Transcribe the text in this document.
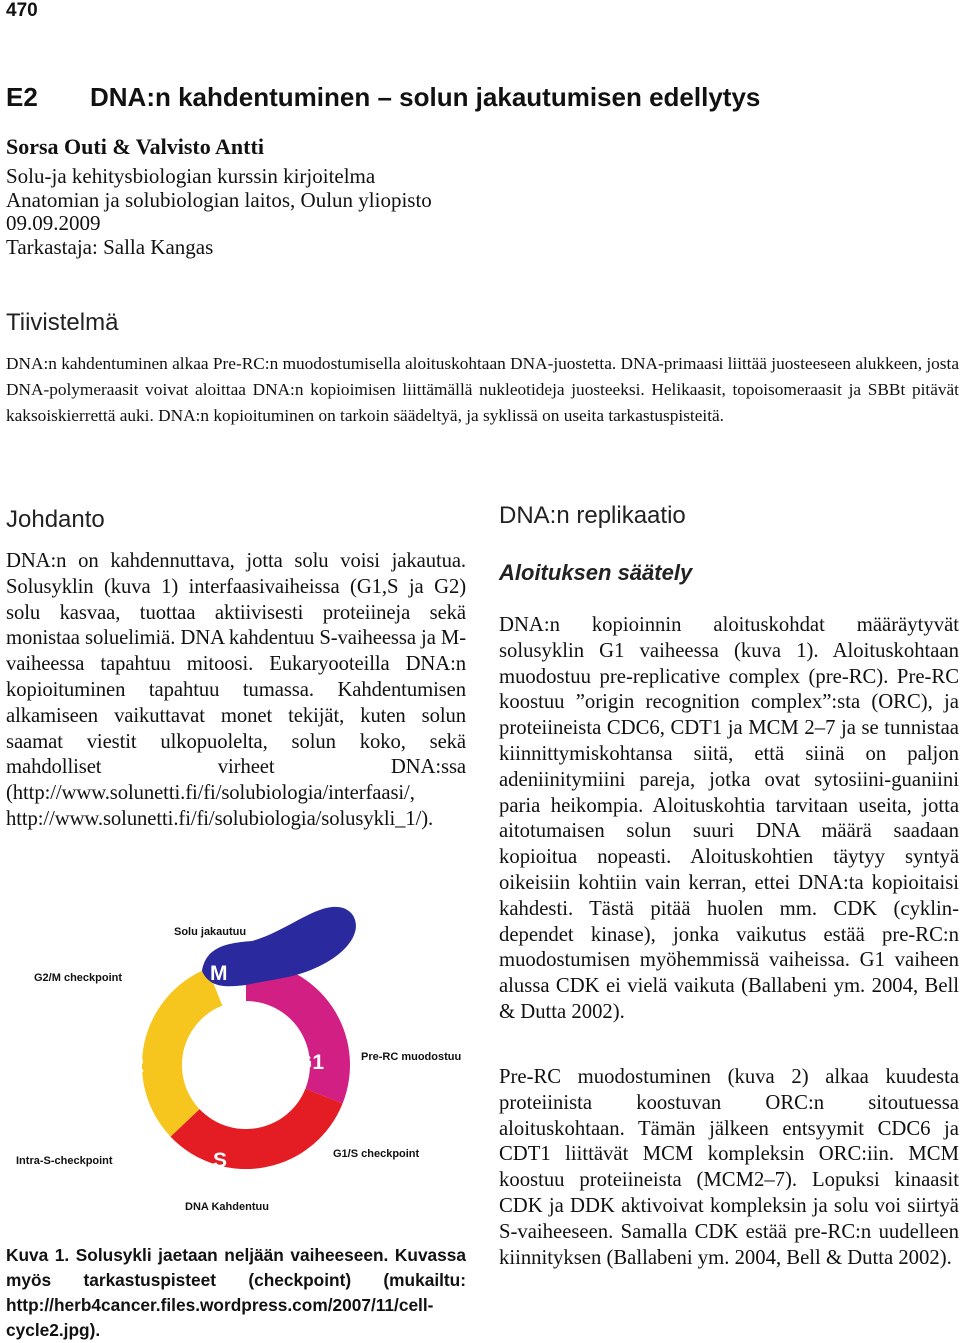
470
E2 DNA:n kahdentuminen – solun jakautumisen edellytys
Sorsa Outi & Valvisto Antti
Solu-ja kehitysbiologian kurssin kirjoitelma
Anatomian ja solubiologian laitos, Oulun yliopisto
09.09.2009
Tarkastaja: Salla Kangas
Tiivistelmä
DNA:n kahdentuminen alkaa Pre-RC:n muodostumisella aloituskohtaan DNA-juostetta. DNA-primaasi liittää juosteeseen alukkeen, josta DNA-polymeraasit voivat aloittaa DNA:n kopioimisen liittämällä nukleotideja juosteeksi. Helikaasit, topoisomeraasit ja SBBt pitävät kaksoiskierrettä auki. DNA:n kopioituminen on tarkoin säädeltyä, ja syklissä on useita tarkastuspisteitä.
Johdanto
DNA:n on kahdennuttava, jotta solu voisi jakautua. Solusyklin (kuva 1) interfaasivaiheissa (G1,S ja G2) solu kasvaa, tuottaa aktiivisesti proteiineja sekä monistaa soluelimiä. DNA kahdentuu S-vaiheessa ja M-vaiheessa tapahtuu mitoosi. Eukaryooteilla DNA:n kopioituminen tapahtuu tumassa. Kahdentumisen alkamiseen vaikuttavat monet tekijät, kuten solun saamat viestit ulkopuolelta, solun koko, sekä mahdolliset virheet DNA:ssa (http://www.solunetti.fi/fi/solubiologia/interfaasi/, http://www.solunetti.fi/fi/solubiologia/solusykli_1/).
DNA:n replikaatio
Aloituksen säätely
DNA:n kopioinnin aloituskohdat määräytyvät solusyklin G1 vaiheessa (kuva 1). Aloituskohtaan muodostuu pre-replicative complex (pre-RC). Pre-RC koostuu ”origin recognition complex”:sta (ORC), ja proteiineista CDC6, CDT1 ja MCM 2–7 ja se tunnistaa kiinnittymiskohtansa siitä, että siinä on paljon adeniinitymiini pareja, jotka ovat sytosiini-guaniini paria heikompia. Aloituskohtia tarvitaan useita, jotta aitotumaisen solun suuri DNA määrä saadaan kopioitua nopeasti. Aloituskohtien täytyy syntyä oikeisiin kohtiin vain kerran, ettei DNA:ta kopioitaisi kahdesti. Tästä pitää huolen mm. CDK (cyklin-dependet kinase), jonka vaikutus estää pre-RC:n muodostumisen myöhemmissä vaiheissa. G1 vaiheen alussa CDK ei vielä vaikuta (Ballabeni ym. 2004, Bell & Dutta 2002).
Pre-RC muodostuminen (kuva 2) alkaa kuudesta proteiinista koostuvan ORC:n sitoutuessa aloituskohtaan. Tämän jälkeen entsyymit CDC6 ja CDT1 liittävät MCM kompleksin ORC:iin. MCM koostuu proteiineista (MCM2–7). Lopuksi kinaasit CDK ja DDK aktivoivat kompleksin ja solu voi siirtyä S-vaiheeseen. Samalla CDK estää pre-RC:n uudelleen kiinnityksen (Ballabeni ym. 2004, Bell & Dutta 2002).
M
G1
S
G2
Solu jakautuu
G2/M checkpoint
Pre-RC muodostuu
Intra-S-checkpoint
G1/S checkpoint
DNA Kahdentuu
Kuva 1. Solusykli jaetaan neljään vaiheeseen. Kuvassa myös tarkastuspisteet (checkpoint) (mukailtu: http://herb4cancer.files.wordpress.com/2007/11/cell-cycle2.jpg).
